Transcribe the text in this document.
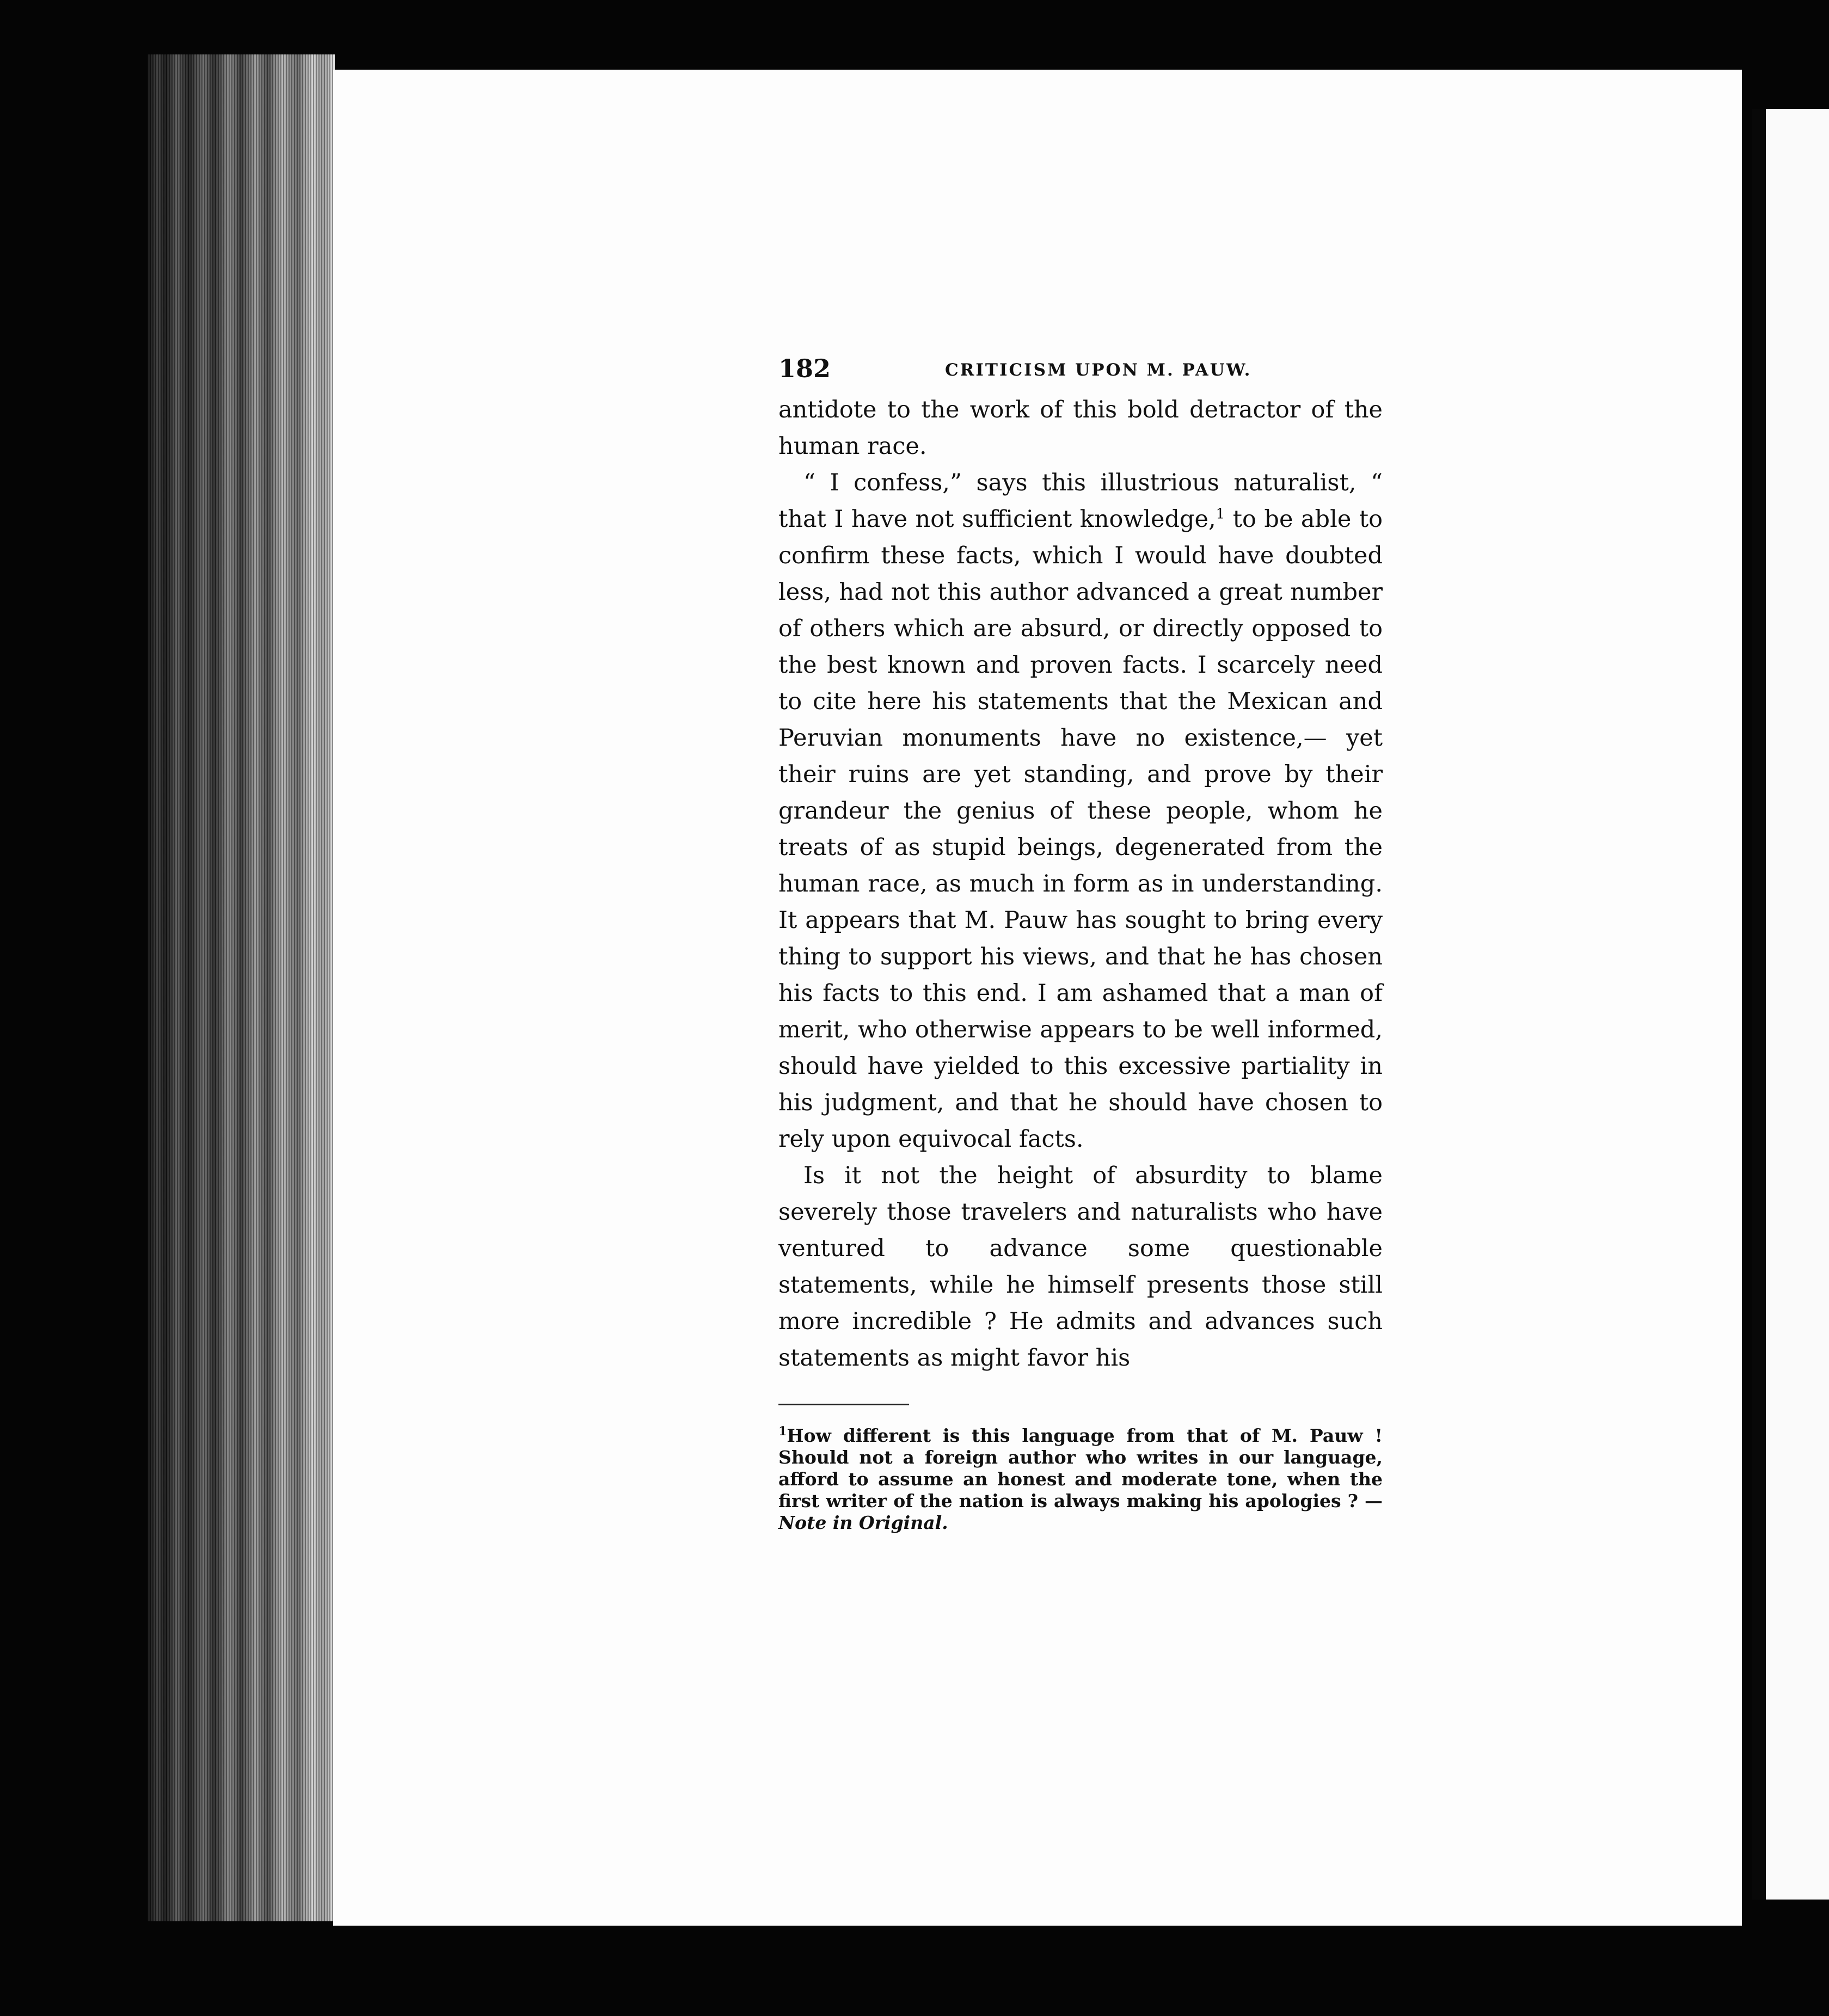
182	CRITICISM UPON M. PAUW.

antidote to the work of this bold detractor of the human race.

“ I confess,” says this illustrious naturalist, “ that I have not sufficient knowledge,$^1$ to be able to confirm these facts, which I would have doubted less, had not this author advanced a great number of others which are absurd, or directly opposed to the best known and proven facts. I scarcely need to cite here his statements that the Mexican and Peruvian monuments have no existence,— yet their ruins are yet standing, and prove by their grandeur the genius of these people, whom he treats of as stupid beings, degenerated from the human race, as much in form as in understanding. It appears that M. Pauw has sought to bring every thing to support his views, and that he has chosen his facts to this end. I am ashamed that a man of merit, who otherwise appears to be well informed, should have yielded to this excessive partiality in his judgment, and that he should have chosen to rely upon equivocal facts.

Is it not the height of absurdity to blame severely those travelers and naturalists who have ventured to advance some questionable statements, while he himself presents those still more incredible ? He admits and advances such statements as might favor his

$^1$How different is this language from that of M. Pauw ! Should not a foreign author who writes in our language, afford to assume an honest and moderate tone, when the first writer of the nation is always making his apologies ? — Note in Original.
